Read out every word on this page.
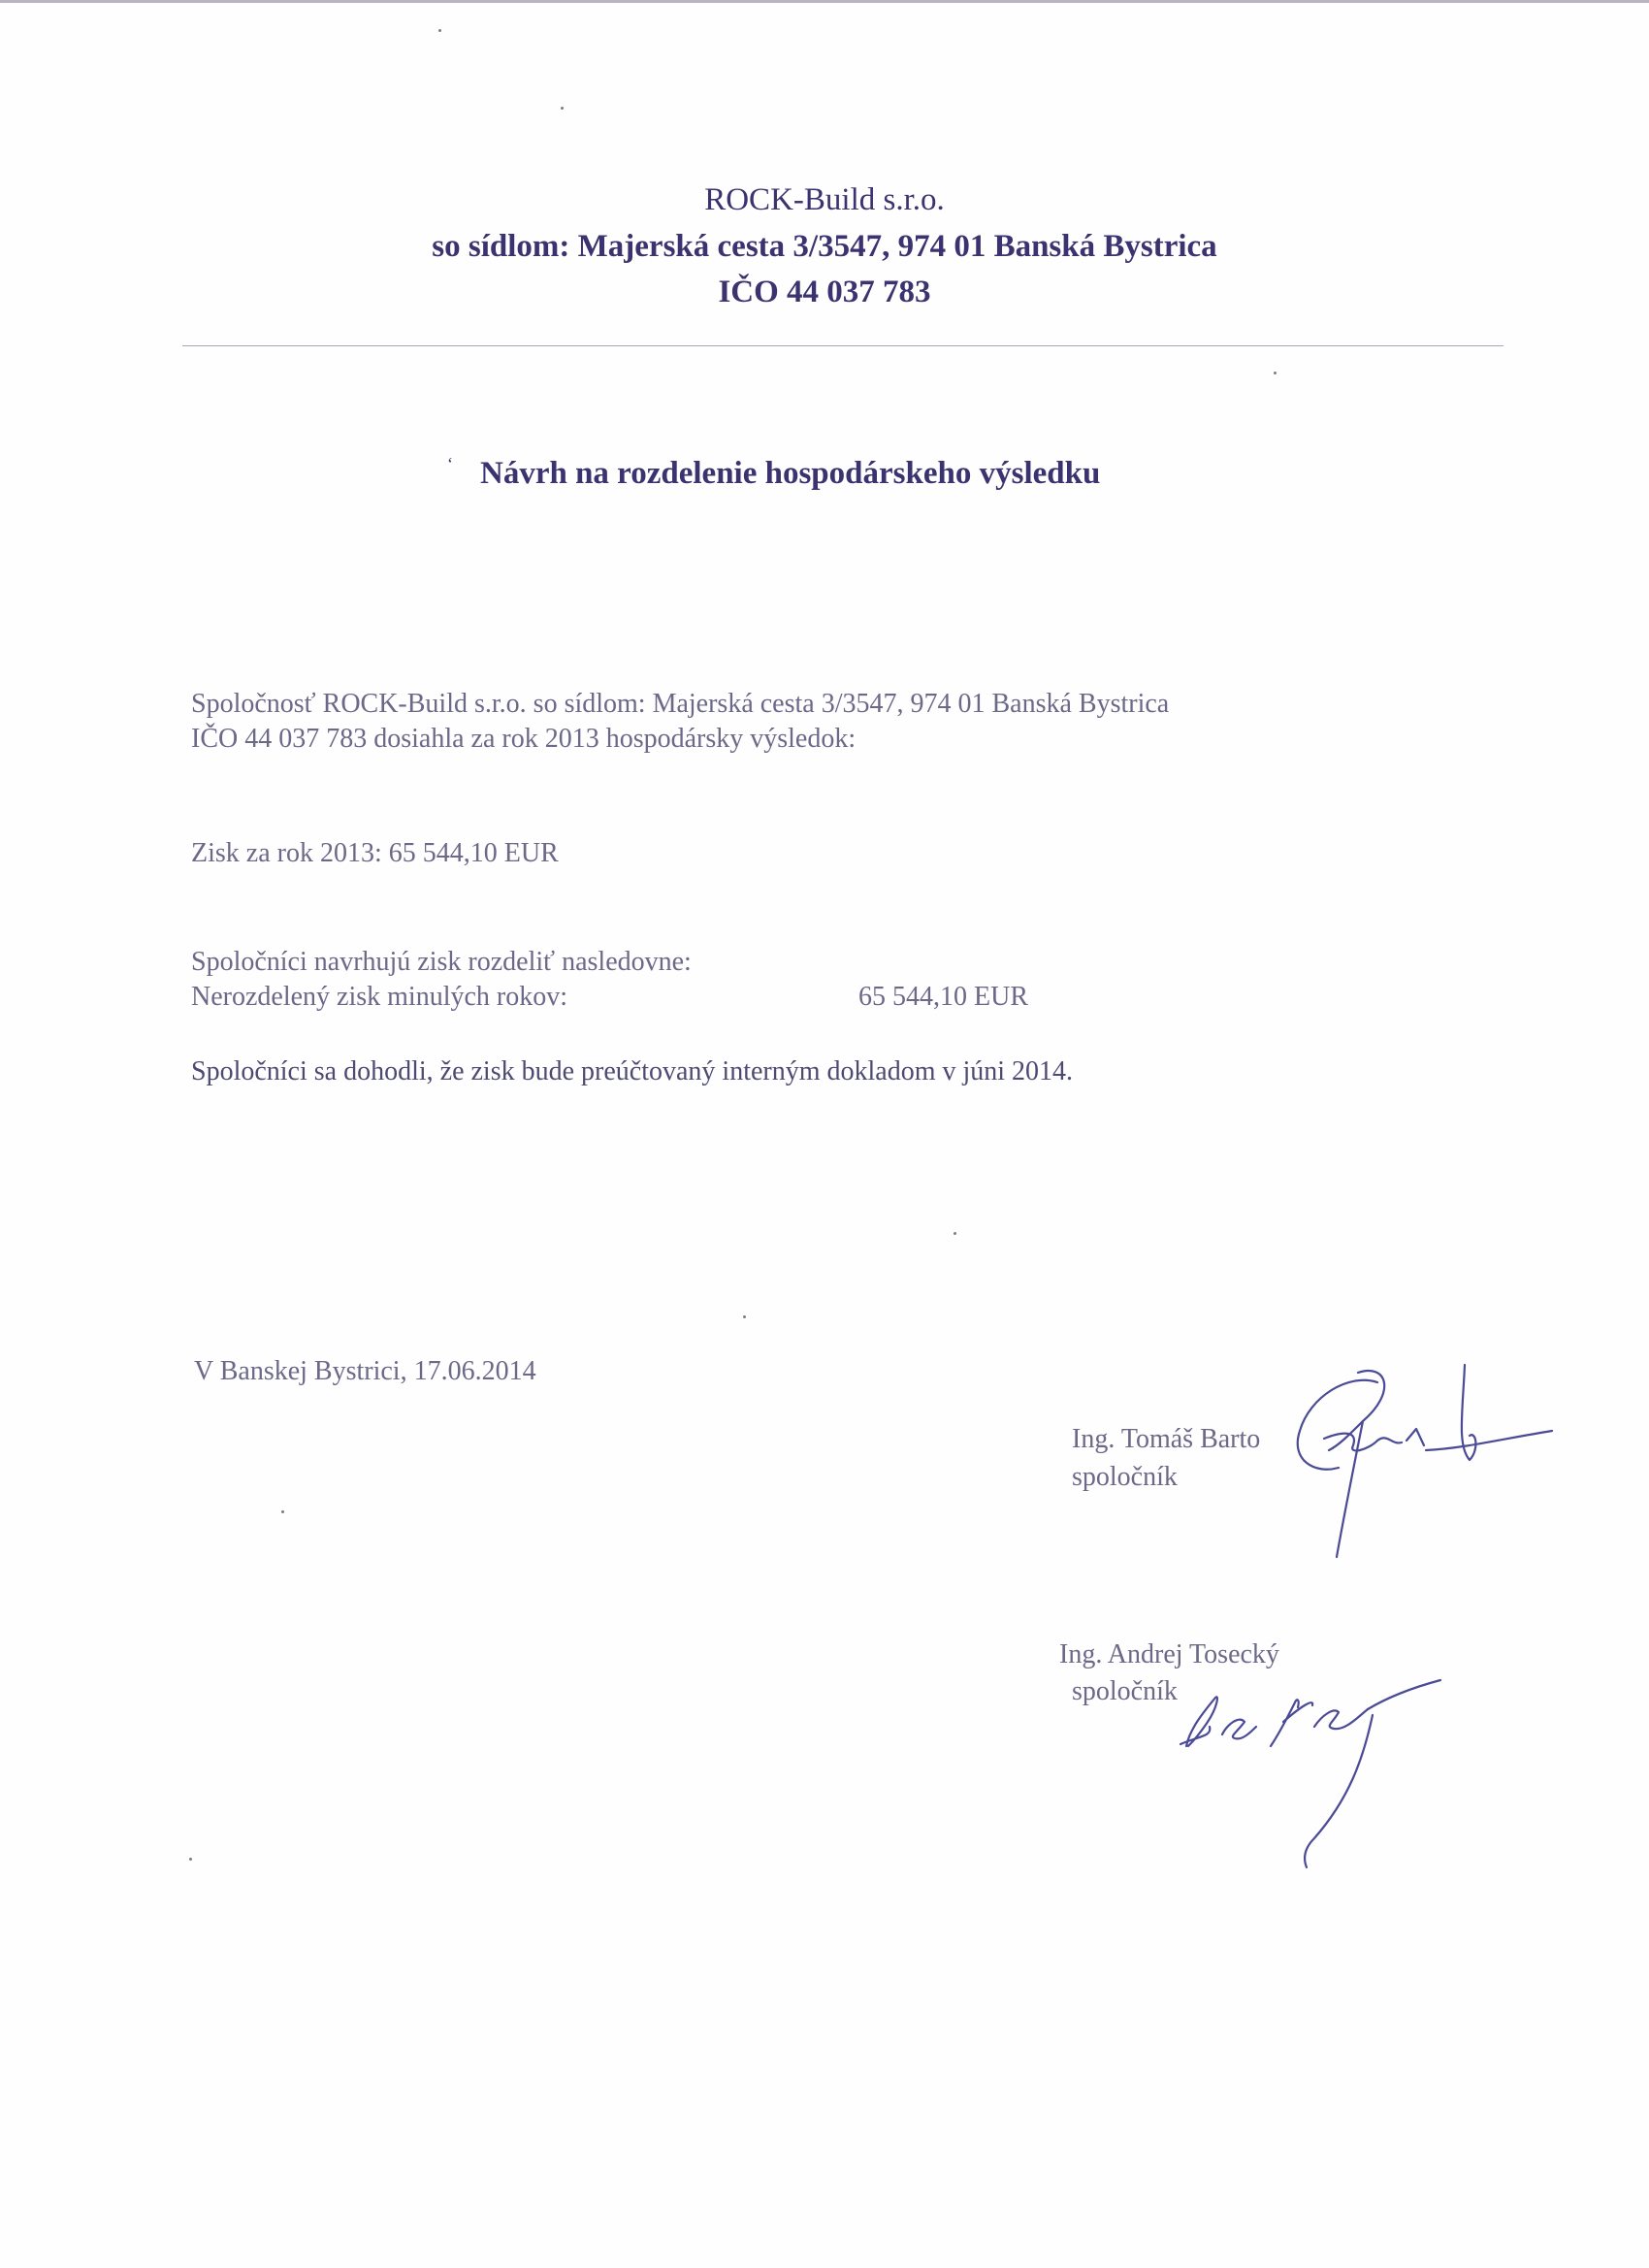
ROCK-Build s.r.o.
so sídlom: Majerská cesta 3/3547, 974 01 Banská Bystrica
IČO 44 037 783
‘ Návrh na rozdelenie hospodárskeho výsledku
Spoločnosť ROCK-Build s.r.o. so sídlom: Majerská cesta 3/3547, 974 01 Banská Bystrica
IČO 44 037 783 dosiahla za rok 2013 hospodársky výsledok:
Zisk za rok 2013: 65 544,10 EUR
Spoločníci navrhujú zisk rozdeliť nasledovne:
Nerozdelený zisk minulých rokov:	65 544,10 EUR
Spoločníci sa dohodli, že zisk bude preúčtovaný interným dokladom v júni 2014.
V Banskej Bystrici, 17.06.2014
Ing. Tomáš Barto
spoločník
Ing. Andrej Tosecký
spoločník
